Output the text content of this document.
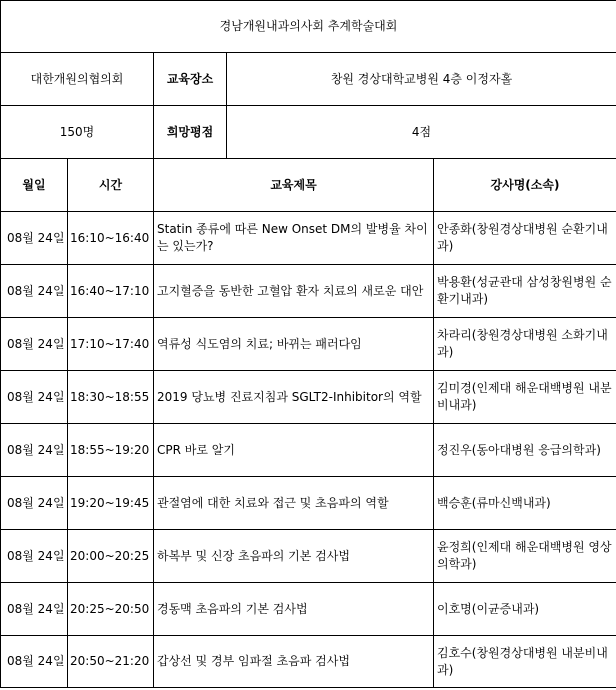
경남개원내과의사회 추계학술대회				
대한개원의협의회		교육장소	창원 경상대학교병원 4층 이정자홀	
150명		희망평점	4점	
월일	시간	교육제목		강사명(소속)
08월 24일	16:10~16:40	Statin 종류에 따른 New Onset DM의 발병율 차이는 있는가?		안종화(창원경상대병원 순환기내과)
08월 24일	16:40~17:10	고지혈증을 동반한 고혈압 환자 치료의 새로운 대안		박용환(성균관대 삼성창원병원 순환기내과)
08월 24일	17:10~17:40	역류성 식도염의 치료; 바뀌는 패러다임		차라리(창원경상대병원 소화기내과)
08월 24일	18:30~18:55	2019 당뇨병 진료지침과 SGLT2-Inhibitor의 역할		김미경(인제대 해운대백병원 내분비내과)
08월 24일	18:55~19:20	CPR 바로 알기		정진우(동아대병원 응급의학과)
08월 24일	19:20~19:45	관절염에 대한 치료와 접근 및 초음파의 역할		백승훈(류마신백내과)
08월 24일	20:00~20:25	하복부 및 신장 초음파의 기본 검사법		윤정희(인제대 해운대백병원 영상의학과)
08월 24일	20:25~20:50	경동맥 초음파의 기본 검사법		이호명(이균증내과)
08월 24일	20:50~21:20	갑상선 및 경부 임파절 초음파 검사법		김호수(창원경상대병원 내분비내과)
